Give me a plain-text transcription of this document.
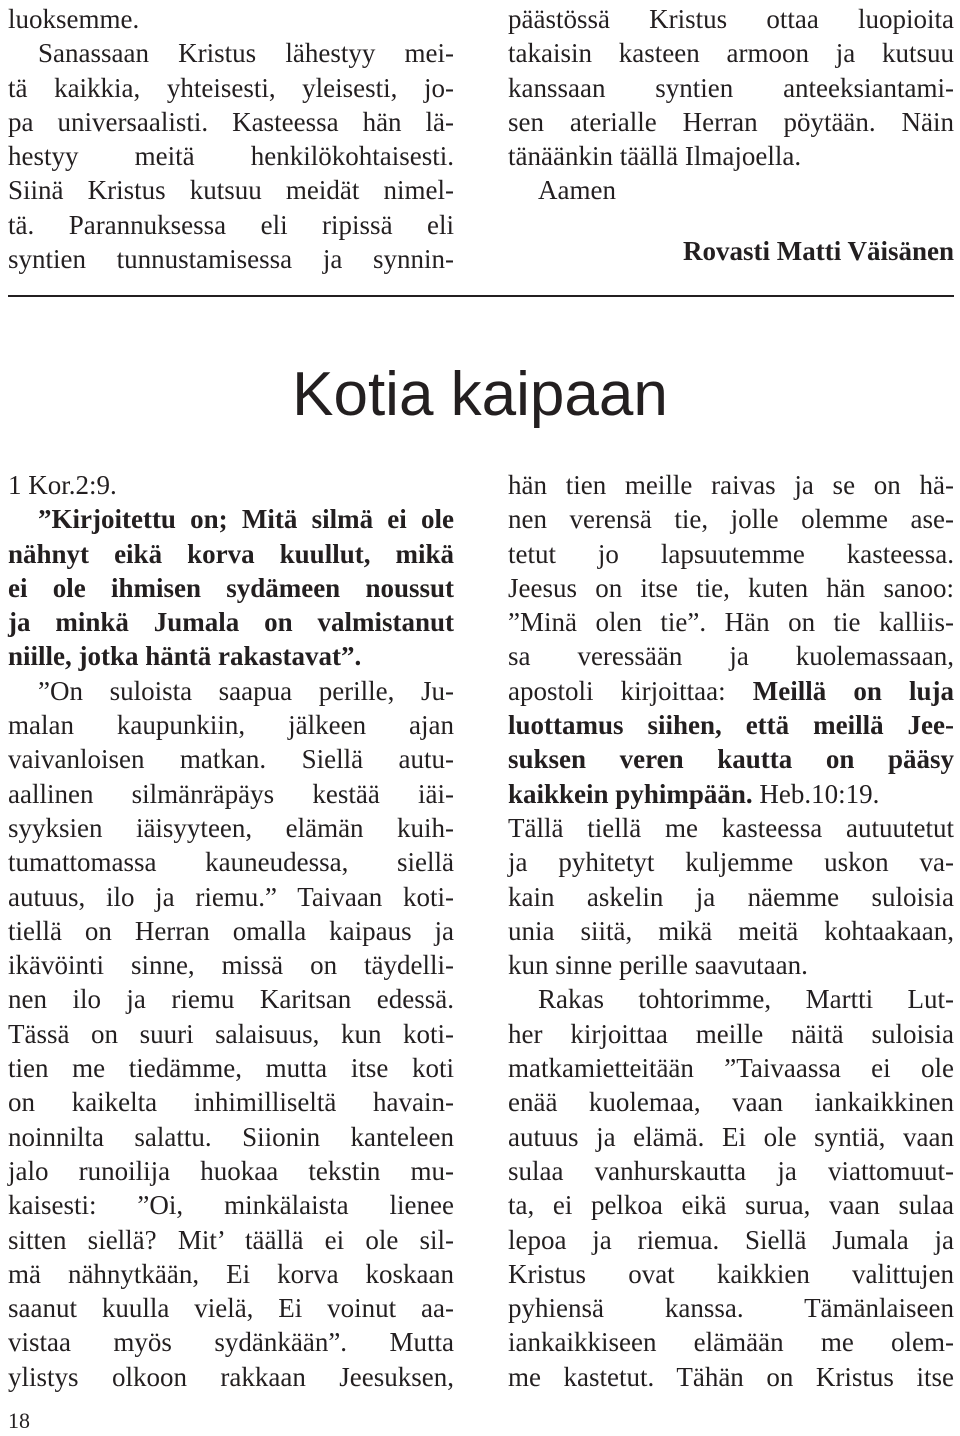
luoksemme.
Sanassaan Kristus lähestyy mei-
tä kaikkia, yhteisesti, yleisesti, jo-
pa universaalisti. Kasteessa hän lä-
hestyy meitä henkilökohtaisesti.
Siinä Kristus kutsuu meidät nimel-
tä. Parannuksessa eli ripissä eli
syntien tunnustamisessa ja synnin-
päästössä Kristus ottaa luopioita
takaisin kasteen armoon ja kutsuu
kanssaan syntien anteeksiantami-
sen aterialle Herran pöytään. Näin
tänäänkin täällä Ilmajoella.
Aamen
Rovasti Matti Väisänen
Kotia kaipaan
1 Kor.2:9.
”Kirjoitettu on; Mitä silmä ei ole
nähnyt eikä korva kuullut, mikä
ei ole ihmisen sydämeen noussut
ja minkä Jumala on valmistanut
niille, jotka häntä rakastavat”.
”On suloista saapua perille, Ju-
malan kaupunkiin, jälkeen ajan
vaivanloisen matkan. Siellä autu-
aallinen silmänräpäys kestää iäi-
syyksien iäisyyteen, elämän kuih-
tumattomassa kauneudessa, siellä
autuus, ilo ja riemu.” Taivaan koti-
tiellä on Herran omalla kaipaus ja
ikävöinti sinne, missä on täydelli-
nen ilo ja riemu Karitsan edessä.
Tässä on suuri salaisuus, kun koti-
tien me tiedämme, mutta itse koti
on kaikelta inhimilliseltä havain-
noinnilta salattu. Siionin kanteleen
jalo runoilija huokaa tekstin mu-
kaisesti: ”Oi, minkälaista lienee
sitten siellä? Mit’ täällä ei ole sil-
mä nähnytkään, Ei korva koskaan
saanut kuulla vielä, Ei voinut aa-
vistaa myös sydänkään”. Mutta
ylistys olkoon rakkaan Jeesuksen,
hän tien meille raivas ja se on hä-
nen verensä tie, jolle olemme ase-
tetut jo lapsuutemme kasteessa.
Jeesus on itse tie, kuten hän sanoo:
”Minä olen tie”. Hän on tie kalliis-
sa veressään ja kuolemassaan,
apostoli kirjoittaa: Meillä on luja
luottamus siihen, että meillä Jee-
suksen veren kautta on pääsy
kaikkein pyhimpään. Heb.10:19.
Tällä tiellä me kasteessa autuutetut
ja pyhitetyt kuljemme uskon va-
kain askelin ja näemme suloisia
unia siitä, mikä meitä kohtaakaan,
kun sinne perille saavutaan.
Rakas tohtorimme, Martti Lut-
her kirjoittaa meille näitä suloisia
matkamietteitään ”Taivaassa ei ole
enää kuolemaa, vaan iankaikkinen
autuus ja elämä. Ei ole syntiä, vaan
sulaa vanhurskautta ja viattomuut-
ta, ei pelkoa eikä surua, vaan sulaa
lepoa ja riemua. Siellä Jumala ja
Kristus ovat kaikkien valittujen
pyhiensä kanssa. Tämänlaiseen
iankaikkiseen elämään me olem-
me kastetut. Tähän on Kristus itse
18
